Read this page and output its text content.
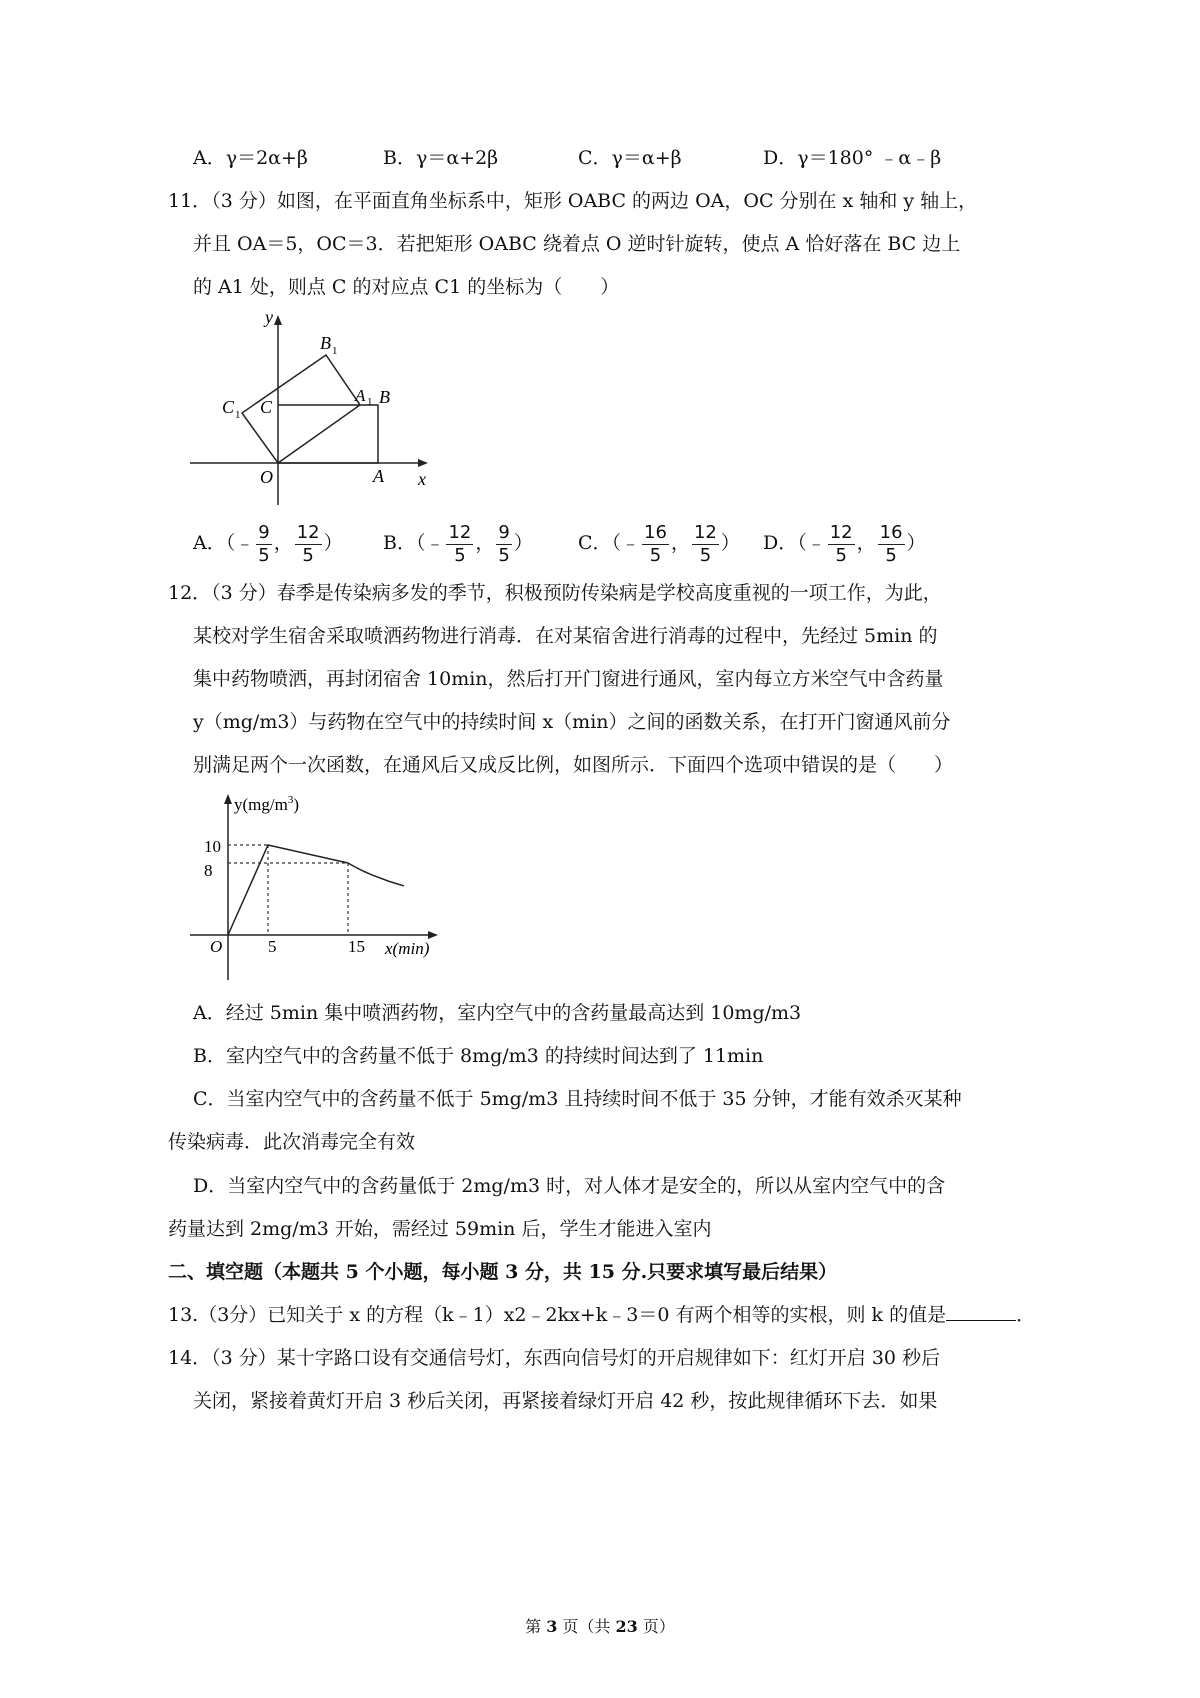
A．γ＝2α+β	B．γ＝α+2β	C．γ＝α+β	D．γ＝180° ﹣α﹣β
11．（3 分）如图，在平面直角坐标系中，矩形 OABC 的两边 OA，OC 分别在 x 轴和 y 轴上，
并且 OA＝5，OC＝3．若把矩形 OABC 绕着点 O 逆时针旋转，使点 A 恰好落在 BC 边上
的 A1 处，则点 C 的对应点 C1 的坐标为（　　）
y
x
O	A
B
C
A 1
B 1
C 1
A．（﹣ $\frac{9}{5}$ ， $\frac{12}{5}$ ） B．（﹣ $\frac{12}{5}$ ， $\frac{9}{5}$ ） C．（﹣ $\frac{16}{5}$ ， $\frac{12}{5}$ ） D．（﹣ $\frac{12}{5}$ ， $\frac{16}{5}$ ）
12．（3 分）春季是传染病多发的季节，积极预防传染病是学校高度重视的一项工作，为此，
某校对学生宿舍采取喷洒药物进行消毒．在对某宿舍进行消毒的过程中，先经过 5min 的
集中药物喷洒，再封闭宿舍 10min，然后打开门窗进行通风，室内每立方米空气中含药量
y（mg/m3）与药物在空气中的持续时间 x（min）之间的函数关系，在打开门窗通风前分
别满足两个一次函数，在通风后又成反比例，如图所示．下面四个选项中错误的是（　　）
$y(mg/m^3)$
x(min)
O
10
8
5	15
A．经过 5min 集中喷洒药物，室内空气中的含药量最高达到 10mg/m3
B．室内空气中的含药量不低于 8mg/m3 的持续时间达到了 11min
C．当室内空气中的含药量不低于 5mg/m3 且持续时间不低于 35 分钟，才能有效杀灭某种
传染病毒．此次消毒完全有效
D．当室内空气中的含药量低于 2mg/m3 时，对人体才是安全的，所以从室内空气中的含
药量达到 2mg/m3 开始，需经过 59min 后，学生才能进入室内
二、填空题（本题共 5 个小题，每小题 3 分，共 15 分.只要求填写最后结果）
13.（3分）已知关于 x 的方程（k﹣1）x2﹣2kx+k﹣3＝0 有两个相等的实根，则 k 的值是	．
14．（3 分）某十字路口设有交通信号灯，东西向信号灯的开启规律如下：红灯开启 30 秒后
关闭，紧接着黄灯开启 3 秒后关闭，再紧接着绿灯开启 42 秒，按此规律循环下去．如果
第 3 页（共 23 页）
